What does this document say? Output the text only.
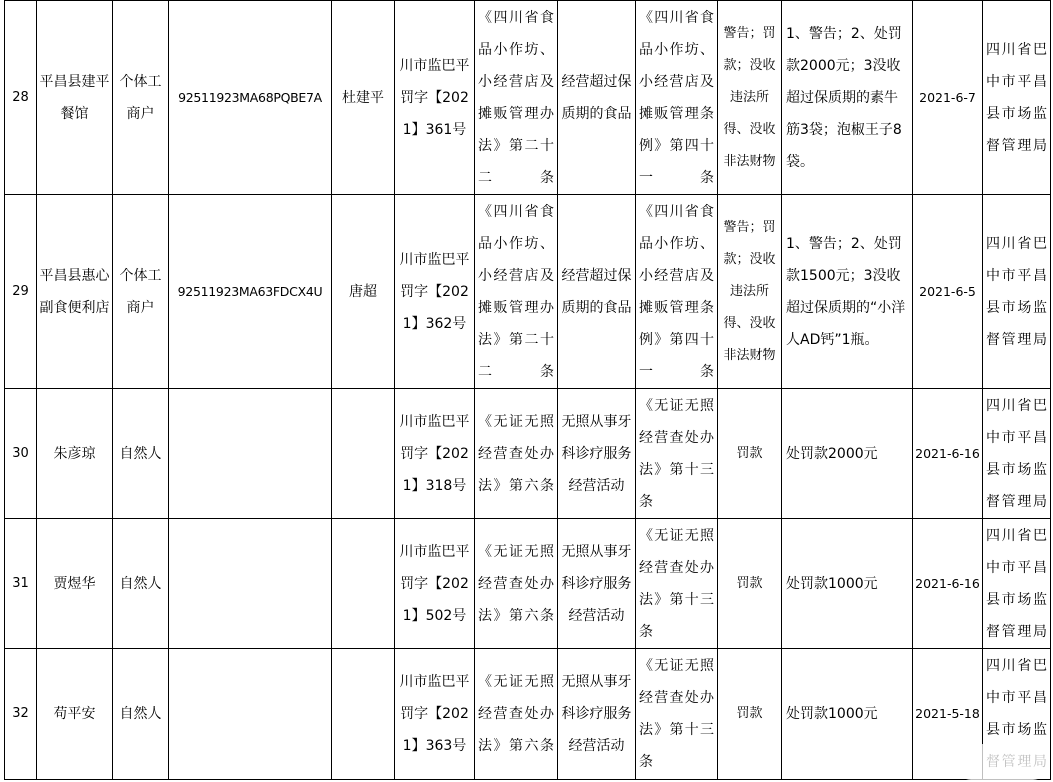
28	平昌县建平餐馆	个体工商户	92511923MA68PQBE7A	杜建平	川市监巴平罚字【2021】361号	《四川省食品小作坊、小经营店及摊贩管理办法》第二十二条	经营超过保质期的食品	《四川省食品小作坊、小经营店及摊贩管理条例》第四十一条	警告；罚款；没收违法所得、没收非法财物	1、警告；2、处罚款2000元；3没收超过保质期的素牛筋3袋；泡椒王子8袋。	2021-6-7	四川省巴中市平昌县市场监督管理局
29	平昌县惠心副食便利店	个体工商户	92511923MA63FDCX4U	唐超	川市监巴平罚字【2021】362号	《四川省食品小作坊、小经营店及摊贩管理办法》第二十二条	经营超过保质期的食品	《四川省食品小作坊、小经营店及摊贩管理条例》第四十一条	警告；罚款；没收违法所得、没收非法财物	1、警告；2、处罚款1500元；3没收超过保质期的“小洋人AD钙”1瓶。	2021-6-5	四川省巴中市平昌县市场监督管理局
30	朱彦琼	自然人			川市监巴平罚字【2021】318号	《无证无照经营查处办法》第六条	无照从事牙科诊疗服务经营活动	《无证无照经营查处办法》第十三条	罚款	处罚款2000元	2021-6-16	四川省巴中市平昌县市场监督管理局
31	贾煜华	自然人			川市监巴平罚字【2021】502号	《无证无照经营查处办法》第六条	无照从事牙科诊疗服务经营活动	《无证无照经营查处办法》第十三条	罚款	处罚款1000元	2021-6-16	四川省巴中市平昌县市场监督管理局
32	苟平安	自然人			川市监巴平罚字【2021】363号	《无证无照经营查处办法》第六条	无照从事牙科诊疗服务经营活动	《无证无照经营查处办法》第十三条	罚款	处罚款1000元	2021-5-18	四川省巴中市平昌县市场监
